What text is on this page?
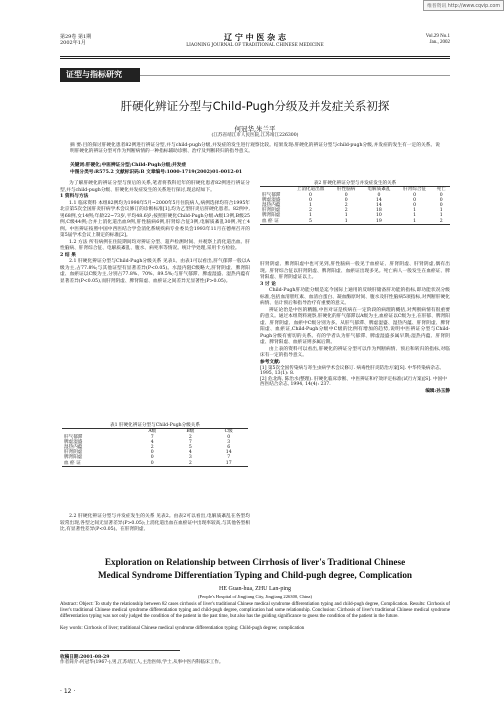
维普资讯 http://www.cqvip.com
第29卷 第1期
2002年1月
辽 宁 中 医 杂 志
LIAONING JOURNAL OF TRADITIONAL CHINESE MEDICINE
Vol.29 No.1
Jan., 2002
证型与指标研究
肝硬化辨证分型与Child-Pugh分级及并发症关系初探
何冠华,朱兰平
(江苏省靖江市人民医院,江苏靖江226300)
摘 要:目的探讨肝硬化患者82例进行辨证分型,并与child-pugh分级,并发症的发生进行观察比较。结果发现:肝硬化的辨证分型与child-pugh分级,并发症的发生有一定的关系。说明肝硬化的辨证分型可作为判断病情的一种指标辅助诊断、治疗及判断转归的指导意义。
关键词:肝硬化;中医辨证分型;Child-Pugh分级;并发症
中图分类号:R575.2 文献标识码:B 文章编号:1000-1719(2002)01-0012-01
为了解肝硬化的辨证分型与预后的关系,笔者将我科近年的肝硬化患者82例进行辨证分型,并与child-pugh分级、肝硬化并发症发生的关系进行探讨,现总结如下。
1 资料与方法
1.1 临床资料 本组82例均为1998年5月~2000年5月住院病人,病例选择均符合1995年北京第5次全国肝炎肝病学术会议修订的诊断标准[1],均为乙型肝炎后肝硬化患者。82例中,男68例,女14例;年龄22~73岁,平均48.6岁;按照肝硬化Child-Pugh分级:A级13例,B级25例,C级44例;合并上消化道出血9例,肝性脑病6例,肝肾综合征3例,电解质紊乱30例,死亡4例。中医辨证按照中国中西医结合学会消化系统疾病专业委员会1993年11月在德州召开的第5届学术会议上制定的标准[2]。
1.2 方法 所有病例在住院期间均对辨证分型、超声检测时间、并观察上消化道出血、肝性脑病、肝肾综合征、电解质紊乱、腹水、病死率等情况。统计学处理,采用卡方检验。
2 结 果
2.1 肝硬化辨证分型与Child-Pugh分级关系 见表1。由表1可以看出,肝气郁滞一般以A级为主,占77.8%;与其他证型有显著差异(P<0.05)。水湿内阻C级略大,肝肾阴虚、脾肾阳虚、血瘀证以C级为主,分别占77.8%、70%、89.5%;与肝气郁滞、脾虚湿盛、湿热内蕴有显著差异(P<0.05),而肝肾阴虚、脾肾阳虚、血瘀证之间差异无显著性(P>0.05)。
表1 肝硬化辨证分型与Child-Pugh分级关系
	A级	B级	C级
肝气郁滞	7	2	0
脾虚湿盛	4	7	3
湿热内蕴	2	5	6
肝肾阴虚	0	4	14
脾肾阳虚	0	3	7
血 瘀 证	0	2	17
2.2 肝硬化辨证分型与并发症发生的关系 见表2。由表2可以看出,电解质紊乱在各型均较常出现,各型之间无显著差异(P>0.05);上消化道出血在血瘀证中出现率较高,与其他各型相比,有显著性差异(P<0.05)。在肝肾阴虚、
表2 肝硬化辨证分型与并发症发生的关系
	上消化道出血	肝性脑病	电解质紊乱	肝肾综合征	死亡
肝气郁滞	0	0	0	0	0
脾虚湿盛	0	0	14	0	0
湿热内蕴	1	2	14	0	0
肝肾阴虚	2	2	18	1	1
脾肾阳虚	1	1	10	1	1
血 瘀 证	5	1	19	1	2
肝肾阴虚、脾肾阳虚中也可见到,肝性脑病一般见于血瘀证、肝肾阴虚、肝肾阴虚,偶有出现。肝肾综合征以肝肾阴虚、脾肾阳虚、血瘀证出现多见。死亡病人一般发生在血瘀证、脾肾阳虚、肝肾阴虚证以上。
3 讨 论
Child-Pugh肝功能分级是迄今国际上通用的反映肝储备肝功能的指标,即功能状况分级标准,包括血清胆红素、血清白蛋白、凝血酶原时间、腹水及肝性脑病5项指标,对判断肝硬化病情、估计预后和指导治疗有重要的意义。
辨证论治是中医的精髓,中医对证是疾病在一定阶段的病理的概括,对判断病情有很重要的意义。通过本组资料观察,肝硬化的肝气郁滞以A级为主,血瘀证以C级为主,在肝郁、脾肾阳虚、肝肾阴虚、血瘀中C级分别为多。从肝气郁滞、脾虚湿盛、湿热内蕴、肝肾阴虚、脾肾阳虚、血瘀证,Child-Pugh分级中C级的比例有增加的趋势,说明中医辨证分型与Child-Pugh分级有密切的关系。有的学者认为肝气郁滞、脾虚湿盛多属早期;湿热内蕴、肝肾阴虚、脾肾阳虚、血瘀证则多属后期。
由上表的资料可以看出,肝硬化的辨证分型可以作为判断病情、预后和转归的指标,对临床有一定的指导意义。
参考文献:
[1] 第5次全国传染病与寄生虫病学术会议修订. 病毒性肝炎防治方案[S]. 中华传染病杂志, 1995, 13(1): 8.
[2] 危北海, 陈治水(整理). 肝硬化临床诊断、中医辨证和疗效评定标准(试行方案)[S]. 中国中西医结合杂志, 1994, 14(4): 237.
编辑:孙玉静
Exploration on Relationship between Cirrhosis of liver's Traditional Chinese
Medical Syndrome Differentiation Typing and Child-pugh degree, Complication
HE Guan-hua, ZHU Lan-ping
(People's Hospital of Jingjiang City, Jingjiang 226300, China)
Abstract: Object: To study the relationship between 82 cases cirrhosis of liver's traditional Chinese medical syndrome differentiation typing and child-pugh degree, Complication. Results: Cirrhosis of liver's traditional Chinese medical syndrome differentiation typing and child-pugh degree, complication had some relationship. Conclusion: Cirrhosis of liver's traditional Chinese medical syndrome differentiation typing was not only judged the condition of the patient in the past time, but also has the guiding significance to guess the condition of the patient in the future.
Key words: Cirrhosis of liver; traditional Chinese medical syndrome differentiation typing; Child-pugh degree; complication
收稿日期:2001-08-29
作者简介:何冠华(1967-),男,江苏靖江人,主治医师,学士,从事中医内科临床工作。
· 12 ·
